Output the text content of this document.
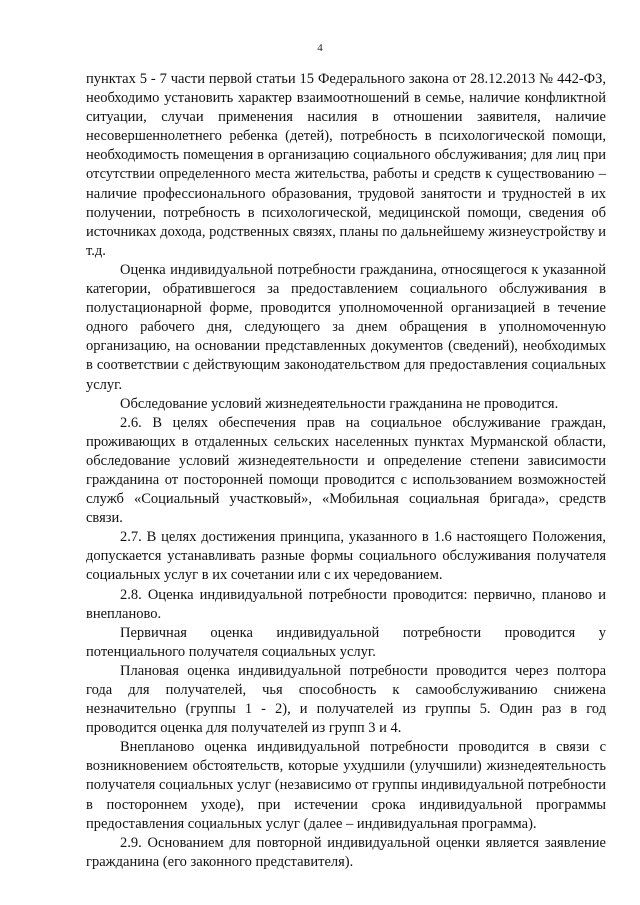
4

пунктах 5 - 7 части первой статьи 15 Федерального закона от 28.12.2013 № 442-ФЗ, необходимо установить характер взаимоотношений в семье, наличие конфликтной ситуации, случаи применения насилия в отношении заявителя, наличие несовершеннолетнего ребенка (детей), потребность в психологической помощи, необходимость помещения в организацию социального обслуживания; для лиц при отсутствии определенного места жительства, работы и средств к существованию – наличие профессионального образования, трудовой занятости и трудностей в их получении, потребность в психологической, медицинской помощи, сведения об источниках дохода, родственных связях, планы по дальнейшему жизнеустройству и т.д.

Оценка индивидуальной потребности гражданина, относящегося к указанной категории, обратившегося за предоставлением социального обслуживания в полустационарной форме, проводится уполномоченной организацией в течение одного рабочего дня, следующего за днем обращения в уполномоченную организацию, на основании представленных документов (сведений), необходимых в соответствии с действующим законодательством для предоставления социальных услуг.

Обследование условий жизнедеятельности гражданина не проводится.

2.6. В целях обеспечения прав на социальное обслуживание граждан, проживающих в отдаленных сельских населенных пунктах Мурманской области, обследование условий жизнедеятельности и определение степени зависимости гражданина от посторонней помощи проводится с использованием возможностей служб «Социальный участковый», «Мобильная социальная бригада», средств связи.

2.7. В целях достижения принципа, указанного в 1.6 настоящего Положения, допускается устанавливать разные формы социального обслуживания получателя социальных услуг в их сочетании или с их чередованием.

2.8. Оценка индивидуальной потребности проводится: первично, планово и внепланово.

Первичная оценка индивидуальной потребности проводится у потенциального получателя социальных услуг.

Плановая оценка индивидуальной потребности проводится через полтора года для получателей, чья способность к самообслуживанию снижена незначительно (группы 1 - 2), и получателей из группы 5. Один раз в год проводится оценка для получателей из групп 3 и 4.

Внепланово оценка индивидуальной потребности проводится в связи с возникновением обстоятельств, которые ухудшили (улучшили) жизнедеятельность получателя социальных услуг (независимо от группы индивидуальной потребности в постороннем уходе), при истечении срока индивидуальной программы предоставления социальных услуг (далее – индивидуальная программа).

2.9. Основанием для повторной индивидуальной оценки является заявление гражданина (его законного представителя).
